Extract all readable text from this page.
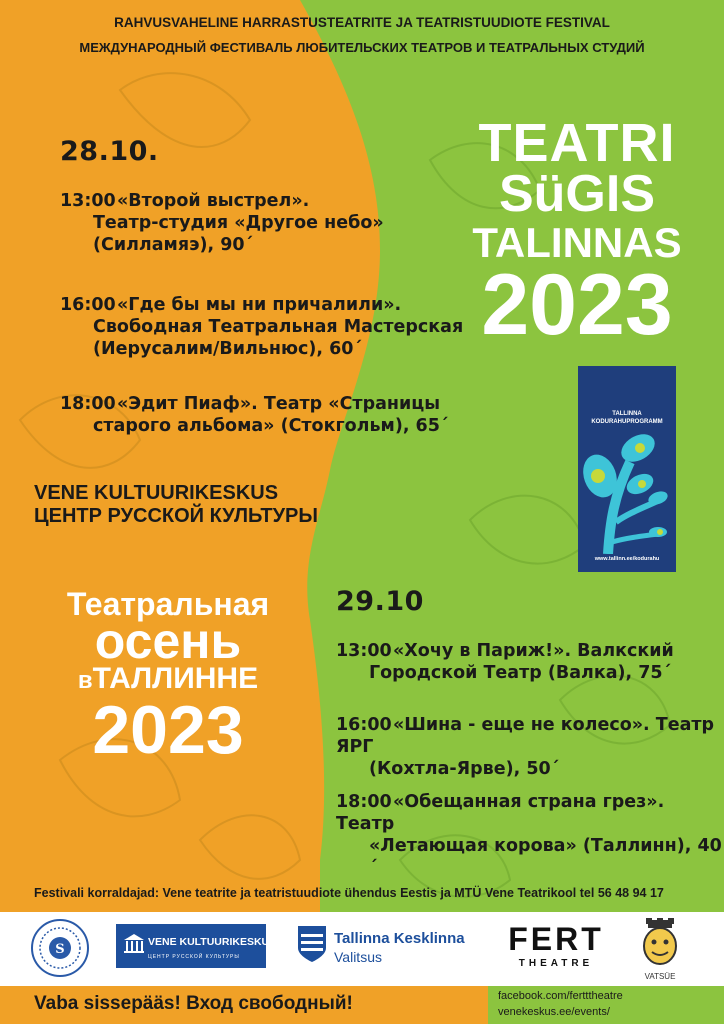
RAHVUSVAHELINE HARRASTUSTEATRITE JA TEATRISTUUDIOTE FESTIVAL
МЕЖДУНАРОДНЫЙ ФЕСТИВАЛЬ ЛЮБИТЕЛЬСКИХ ТЕАТРОВ И ТЕАТРАЛЬНЫХ СТУДИЙ
28.10.
13:00«Второй выстрел».
Театр-студия «Другое небо»
(Силламяэ), 90´
16:00«Где бы мы ни причалили».
Свободная Театральная Мастерская
(Иерусалим/Вильнюс), 60´
18:00«Эдит Пиаф». Театр «Страницы
старого альбома» (Стокгольм), 65´
VENE KULTUURIKESKUS
ЦЕНТР РУССКОЙ КУЛЬТУРЫ
TEATRI
SüGIS
TALINNAS
2023
TALLINNA
KODURAHUPROGRAMM
www.tallinn.ee/kodurahu
Театральная
осень
вТАЛЛИННЕ
2023
29.10
13:00«Хочу в Париж!». Валкский
Городской Театр (Валка), 75´
16:00«Шина - еще не колесо». Театр ЯРГ
(Кохтла-Ярве), 50´
18:00«Обещанная страна грез». Театр
«Летающая корова» (Таллинн), 40´
Festivali korraldajad: Vene teatrite ja teatristuudiote ühendus Eestis ja MTÜ Vene Teatrikool tel 56 48 94 17
S	VENE KULTUURIKESKUS
ЦЕНТР РУССКОЙ КУЛЬТУРЫ
Tallinna Kesklinna
Valitsus	FERT
THEATRE
VATSÜE
Vaba sissepääs! Вход свободный!	facebook.com/fertttheatre
venekeskus.ee/events/
